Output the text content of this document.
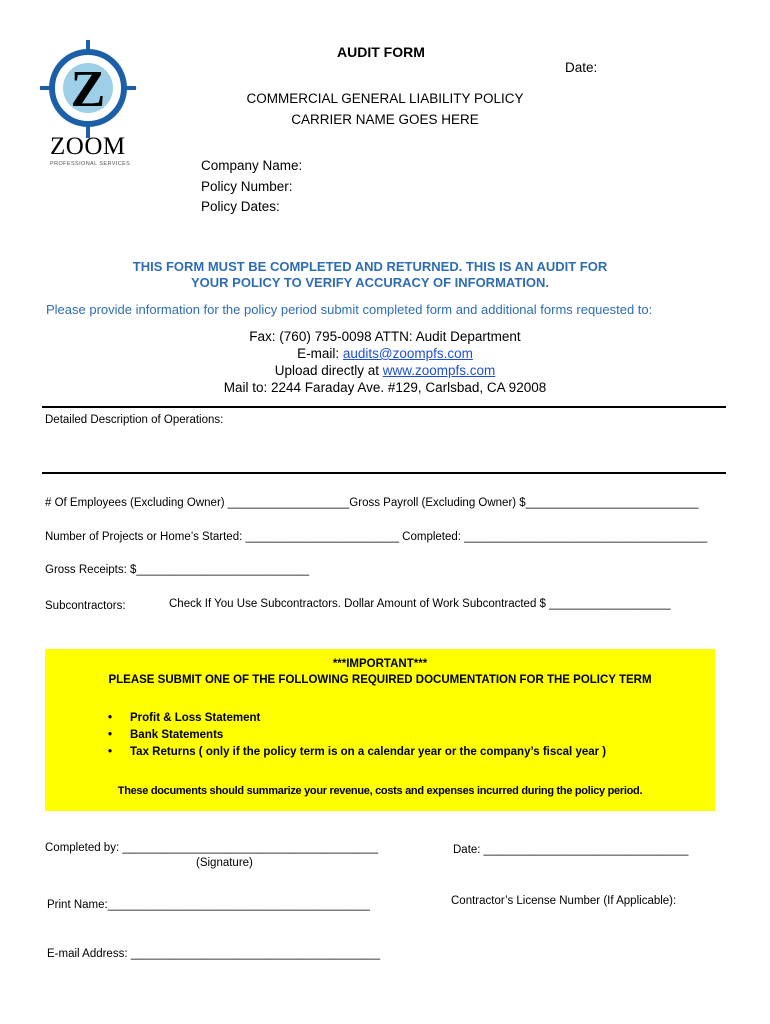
Z
ZOOM
PROFESSIONAL SERVICES
AUDIT FORM
Date:
COMMERCIAL GENERAL LIABILITY POLICY
CARRIER NAME GOES HERE
Company Name:
Policy Number:
Policy Dates:
THIS FORM MUST BE COMPLETED AND RETURNED. THIS IS AN AUDIT FOR
YOUR POLICY TO VERIFY ACCURACY OF INFORMATION.
Please provide information for the policy period submit completed form and additional forms requested to:
Fax: (760) 795-0098 ATTN: Audit Department
E-mail: audits@zoompfs.com
Upload directly at www.zoompfs.com
Mail to: 2244 Faraday Ave. #129, Carlsbad, CA 92008
Detailed Description of Operations:
# Of Employees (Excluding Owner) ___________________Gross Payroll (Excluding Owner) $___________________________
Number of Projects or Home’s Started: ________________________ Completed: ______________________________________
Gross Receipts: $___________________________
Subcontractors:	Check If You Use Subcontractors. Dollar Amount of Work Subcontracted $ ___________________
***IMPORTANT***
PLEASE SUBMIT ONE OF THE FOLLOWING REQUIRED DOCUMENTATION FOR THE POLICY TERM
• Profit & Loss Statement
• Bank Statements
• Tax Returns ( only if the policy term is on a calendar year or the company’s fiscal year )
These documents should summarize your revenue, costs and expenses incurred during the policy period.
Completed by: ________________________________________
(Signature)
Date: ________________________________
Print Name:_________________________________________	Contractor’s License Number (If Applicable):
E-mail Address: _______________________________________
